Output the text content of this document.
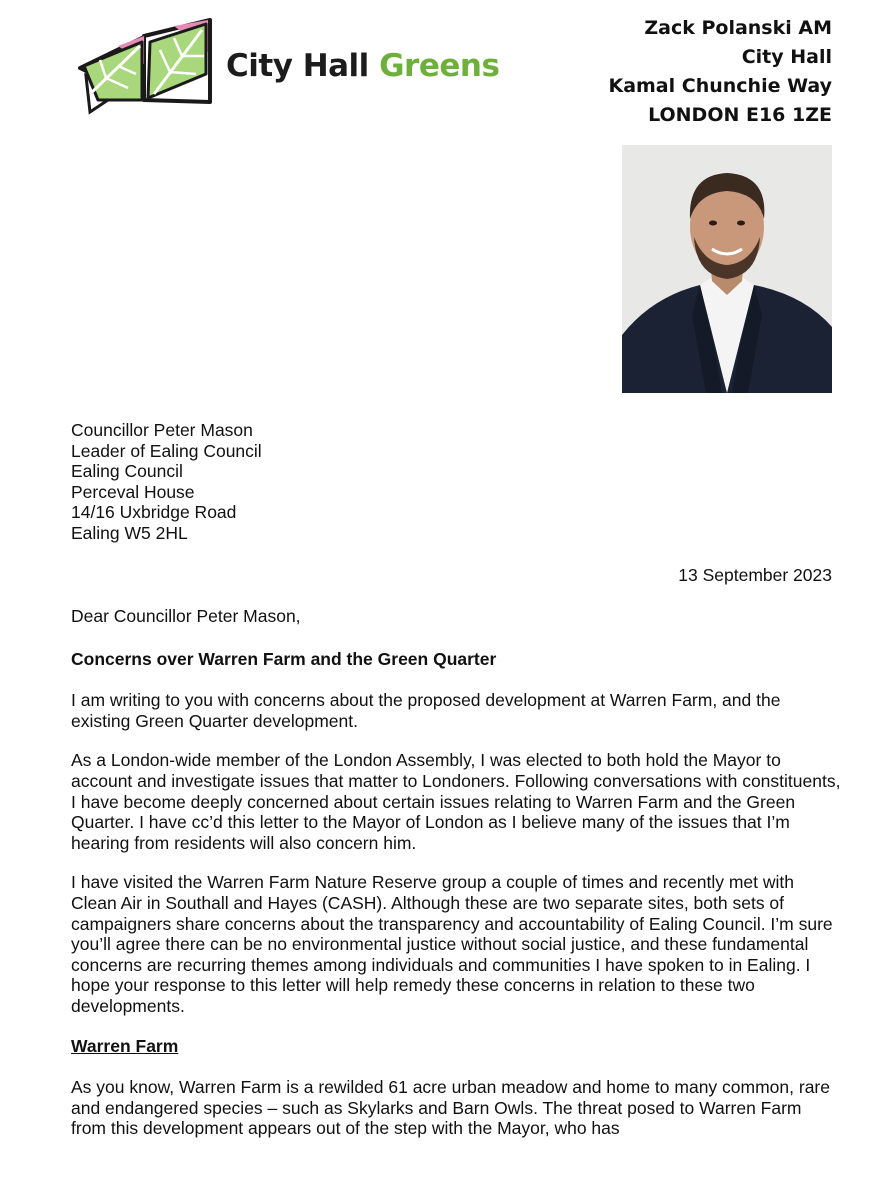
City Hall Greens
Zack Polanski AM
City Hall
Kamal Chunchie Way
LONDON E16 1ZE
Councillor Peter Mason
Leader of Ealing Council
Ealing Council
Perceval House
14/16 Uxbridge Road
Ealing W5 2HL
13 September 2023

Dear Councillor Peter Mason,

Concerns over Warren Farm and the Green Quarter

I am writing to you with concerns about the proposed development at Warren Farm, and the existing Green Quarter development.

As a London-wide member of the London Assembly, I was elected to both hold the Mayor to account and investigate issues that matter to Londoners. Following conversations with constituents, I have become deeply concerned about certain issues relating to Warren Farm and the Green Quarter. I have cc’d this letter to the Mayor of London as I believe many of the issues that I’m hearing from residents will also concern him.

I have visited the Warren Farm Nature Reserve group a couple of times and recently met with Clean Air in Southall and Hayes (CASH). Although these are two separate sites, both sets of campaigners share concerns about the transparency and accountability of Ealing Council. I’m sure you’ll agree there can be no environmental justice without social justice, and these fundamental concerns are recurring themes among individuals and communities I have spoken to in Ealing. I hope your response to this letter will help remedy these concerns in relation to these two developments.

Warren Farm

As you know, Warren Farm is a rewilded 61 acre urban meadow and home to many common, rare and endangered species – such as Skylarks and Barn Owls. The threat posed to Warren Farm from this development appears out of the step with the Mayor, who has
